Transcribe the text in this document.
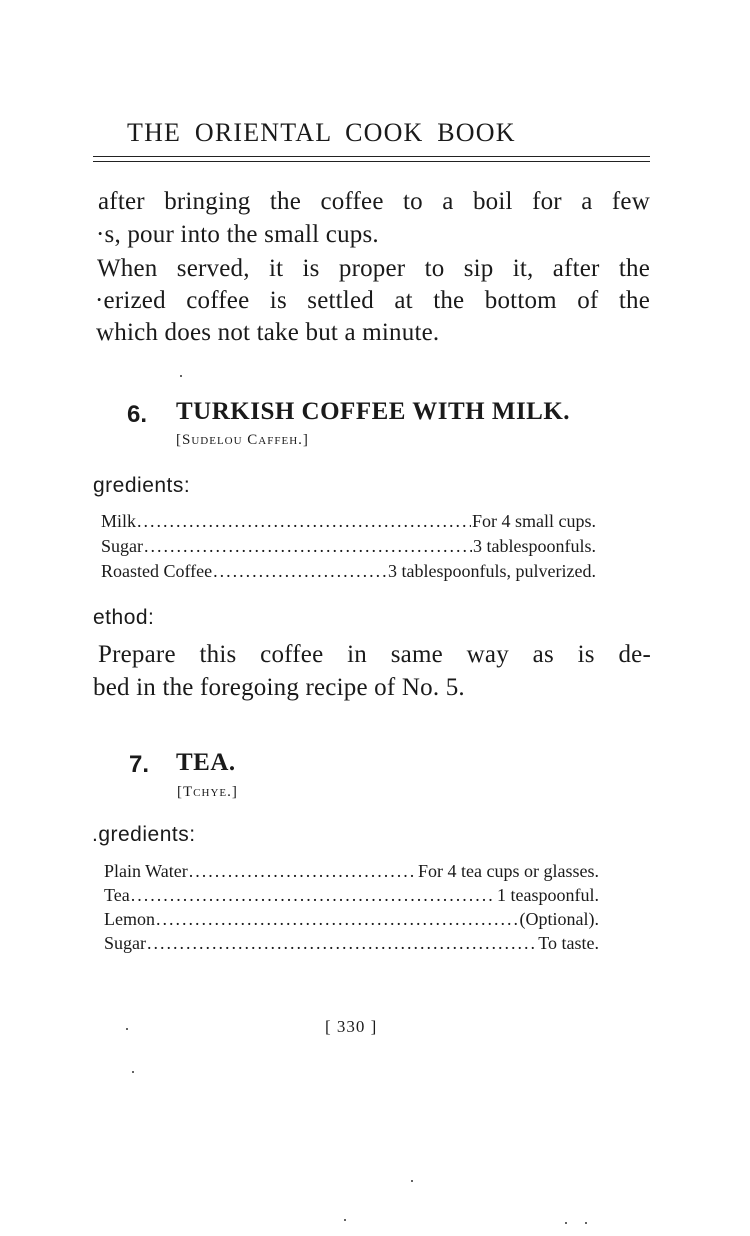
THE ORIENTAL COOK BOOK
after bringing the coffee to a boil for a few
·s, pour into the small cups.
When served, it is proper to sip it, after the
·erized coffee is settled at the bottom of the
which does not take but a minute.
6. TURKISH COFFEE WITH MILK.
[Sudelou Caffeh.]
gredients:
Milk .....	For 4 small cups.
Sugar .....	3 tablespoonfuls.
Roasted Coffee .....	3 tablespoonfuls, pulverized.
ethod:
Prepare this coffee in same way as is de-
bed in the foregoing recipe of No. 5.
7. TEA.
[Tchye.]
.gredients:
Plain Water .....	For 4 tea cups or glasses.
Tea .....	1 teaspoonful.
Lemon .....	(Optional).
Sugar .....	To taste.
[ 330 ]
